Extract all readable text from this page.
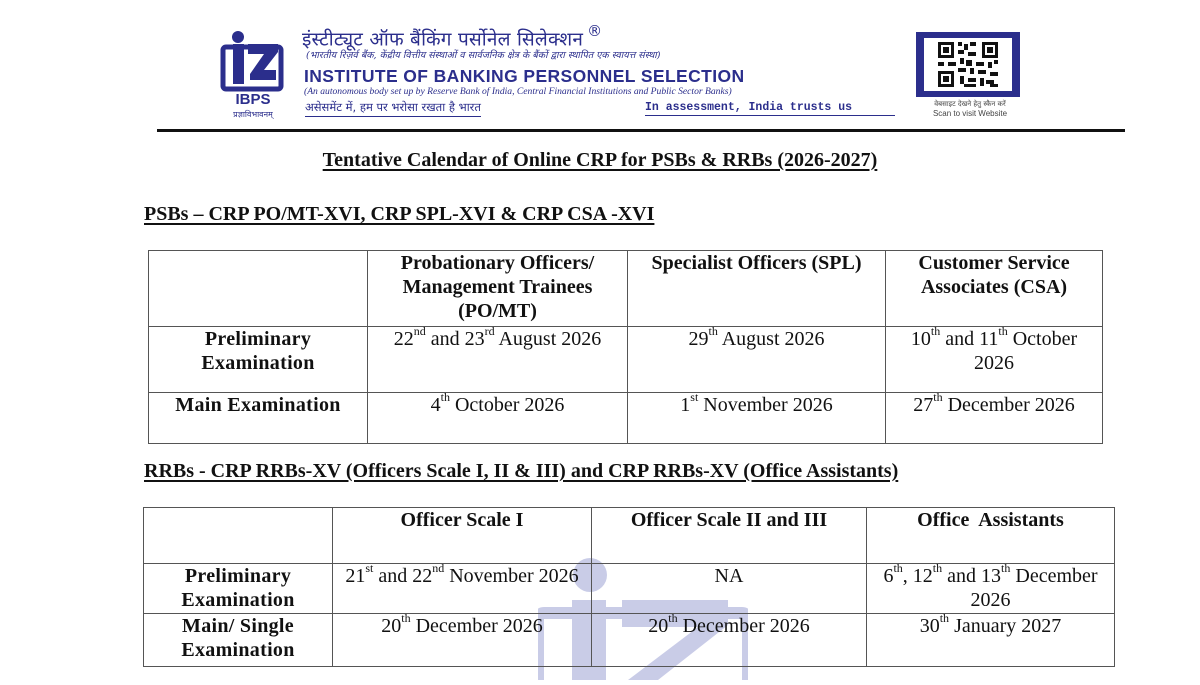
IBPS
प्रज्ञाविभावनम्
इंस्टीट्यूट ऑफ बैंकिंग पर्सोनेल सिलेक्शन ®
(भारतीय रिज़र्व बैंक, केंद्रीय वित्तीय संस्थाओं व सार्वजनिक क्षेत्र के बैंकों द्वारा स्थापित एक स्वायत्त संस्था)
INSTITUTE OF BANKING PERSONNEL SELECTION
(An autonomous body set up by Reserve Bank of India, Central Financial Institutions and Public Sector Banks)
असेसमेंट में, हम पर भरोसा रखता है भारत	In assessment, India trusts us	वेबसाइट देखने हेतु स्कैन करें
Scan to visit Website
Tentative Calendar of Online CRP for PSBs & RRBs (2026-2027)
PSBs – CRP PO/MT-XVI, CRP SPL-XVI & CRP CSA -XVI
	Probationary Officers/ Management Trainees (PO/MT)	Specialist Officers (SPL)	Customer Service Associates (CSA)
Preliminary Examination	22nd and 23rd August 2026	29th August 2026	10th and 11th October 2026
Main Examination	4th October 2026	1st November 2026	27th December 2026
RRBs - CRP RRBs-XV (Officers Scale I, II & III) and CRP RRBs-XV (Office Assistants)
	Officer Scale I	Officer Scale II and III	Office  Assistants
Preliminary Examination	21st and 22nd November 2026	NA	6th, 12th and 13th December 2026
Main/ Single Examination	20th December 2026	20th December 2026	30th January 2027
